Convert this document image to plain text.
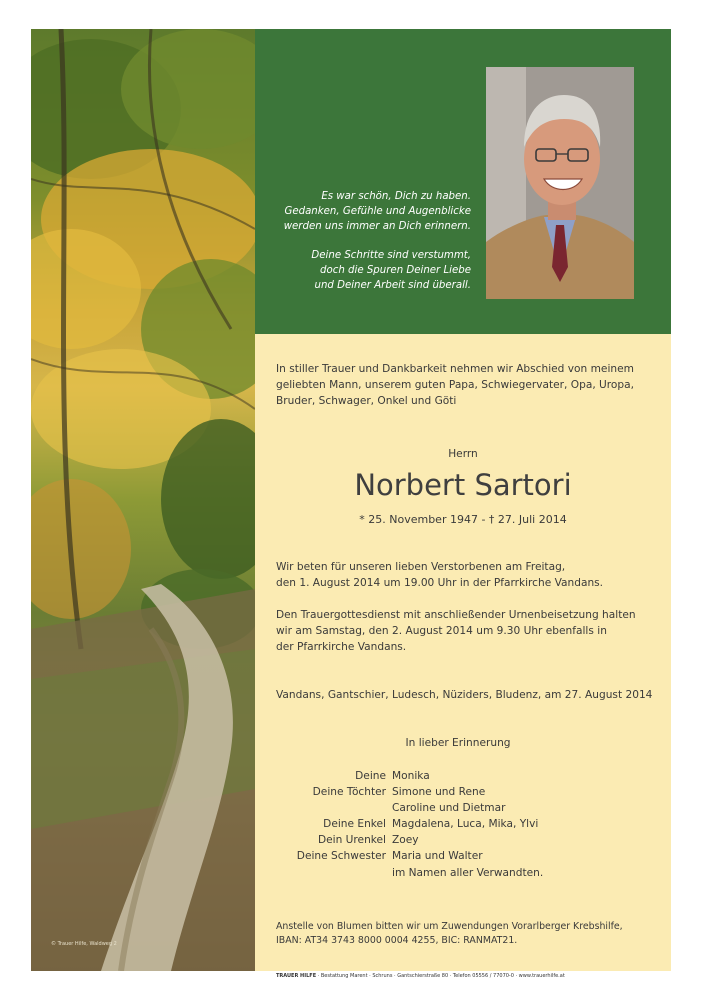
© Trauer Hilfe, Waldweg 2

Es war schön, Dich zu haben.
Gedanken, Gefühle und Augenblicke
werden uns immer an Dich erinnern.

Deine Schritte sind verstummt,
doch die Spuren Deiner Liebe
und Deiner Arbeit sind überall.

In stiller Trauer und Dankbarkeit nehmen wir Abschied von meinem
geliebten Mann, unserem guten Papa, Schwiegervater, Opa, Uropa,
Bruder, Schwager, Onkel und Göti
Herrn
Norbert Sartori
* 25. November 1947 - † 27. Juli 2014
Wir beten für unseren lieben Verstorbenen am Freitag,
den 1. August 2014 um 19.00 Uhr in der Pfarrkirche Vandans.
Den Trauergottesdienst mit anschließender Urnenbeisetzung halten
wir am Samstag, den 2. August 2014 um 9.30 Uhr ebenfalls in
der Pfarrkirche Vandans.
Vandans, Gantschier, Ludesch, Nüziders, Bludenz, am 27. August 2014
In lieber Erinnerung
Deine Monika
Deine Töchter Simone und Rene
Caroline und Dietmar
Deine Enkel Magdalena, Luca, Mika, Ylvi
Dein Urenkel Zoey
Deine Schwester Maria und Walter
im Namen aller Verwandten.
Anstelle von Blumen bitten wir um Zuwendungen Vorarlberger Krebshilfe,
IBAN: AT34 3743 8000 0004 4255, BIC: RANMAT21.
TRAUER HILFE · Bestattung Marent · Schruns · Gantschierstraße 80 · Telefon 05556 / 77070-0 · www.trauerhilfe.at
